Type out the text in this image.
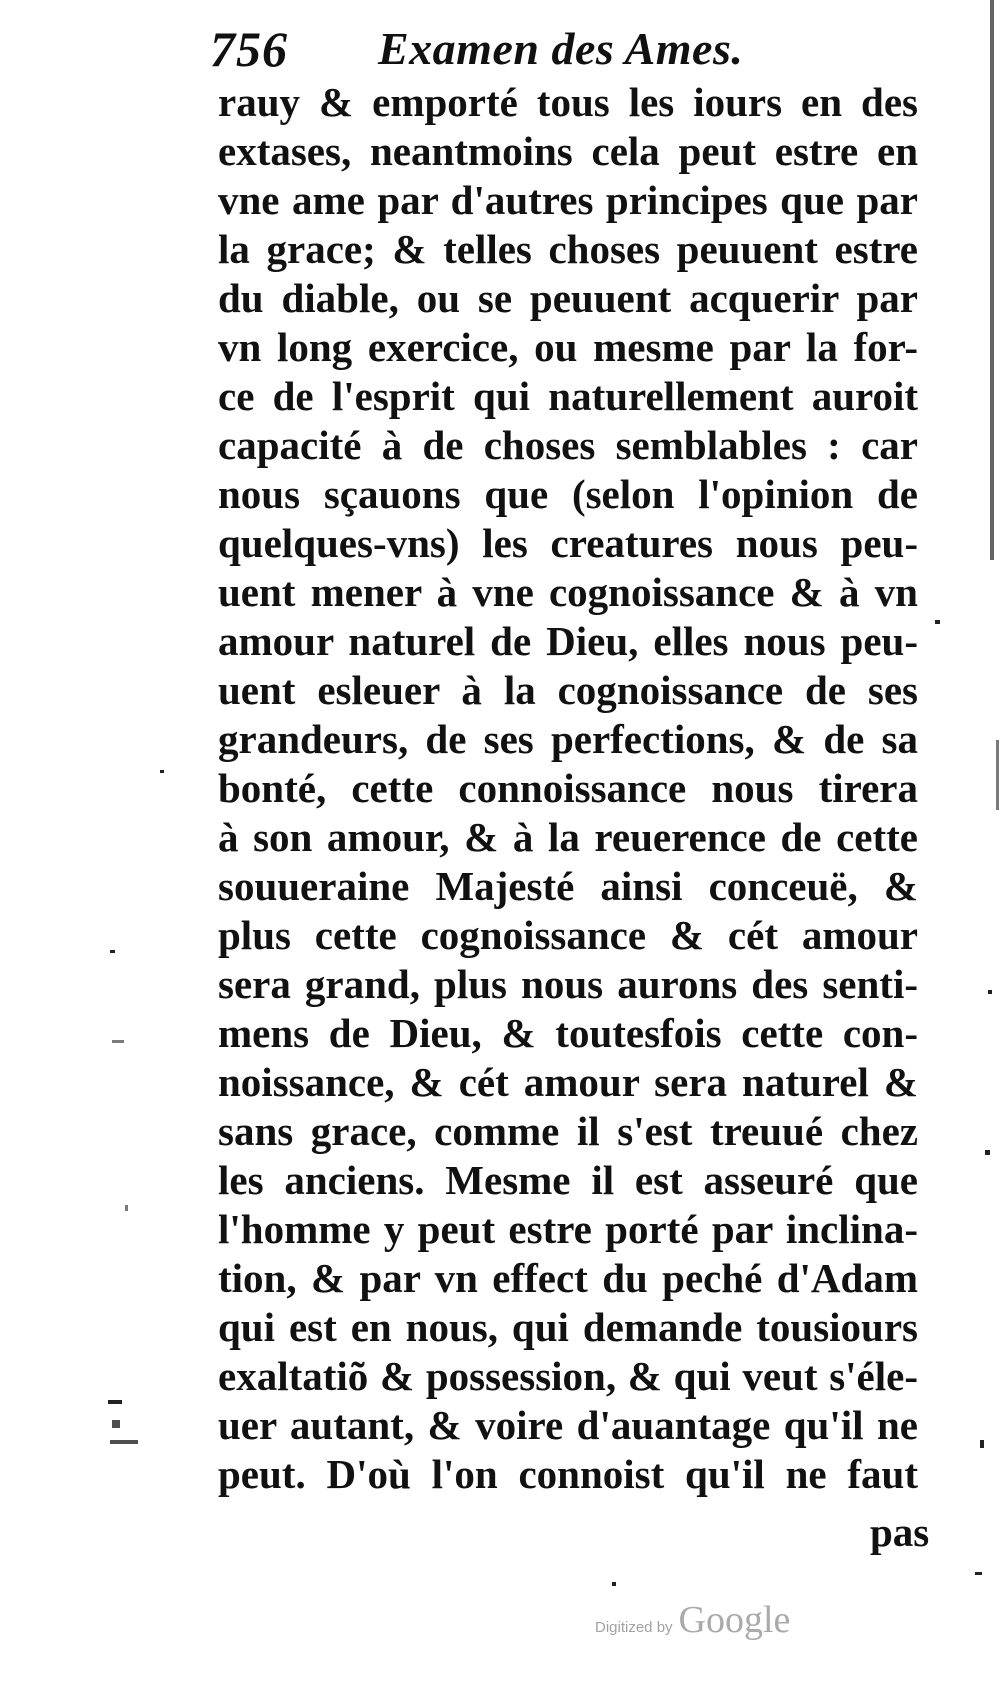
756 Examen des Ames.
rauy & emporté tous les iours en des
extases, neantmoins cela peut estre en
vne ame par d'autres principes que par
la grace; & telles choses peuuent estre
du diable, ou se peuuent acquerir par
vn long exercice, ou mesme par la for-
ce de l'esprit qui naturellement auroit
capacité à de choses semblables : car
nous sçauons que (selon l'opinion de
quelques-vns) les creatures nous peu-
uent mener à vne cognoissance & à vn
amour naturel de Dieu, elles nous peu-
uent esleuer à la cognoissance de ses
grandeurs, de ses perfections, & de sa
bonté, cette connoissance nous tirera
à son amour, & à la reuerence de cette
souueraine Majesté ainsi conceuë, &
plus cette cognoissance & cét amour
sera grand, plus nous aurons des senti-
mens de Dieu, & toutesfois cette con-
noissance, & cét amour sera naturel &
sans grace, comme il s'est treuué chez
les anciens. Mesme il est asseuré que
l'homme y peut estre porté par inclina-
tion, & par vn effect du peché d'Adam
qui est en nous, qui demande tousiours
exaltatiõ & possession, & qui veut s'éle-
uer autant, & voire d'auantage qu'il ne
peut. D'où l'on connoist qu'il ne faut
pas
Digitized by Google
